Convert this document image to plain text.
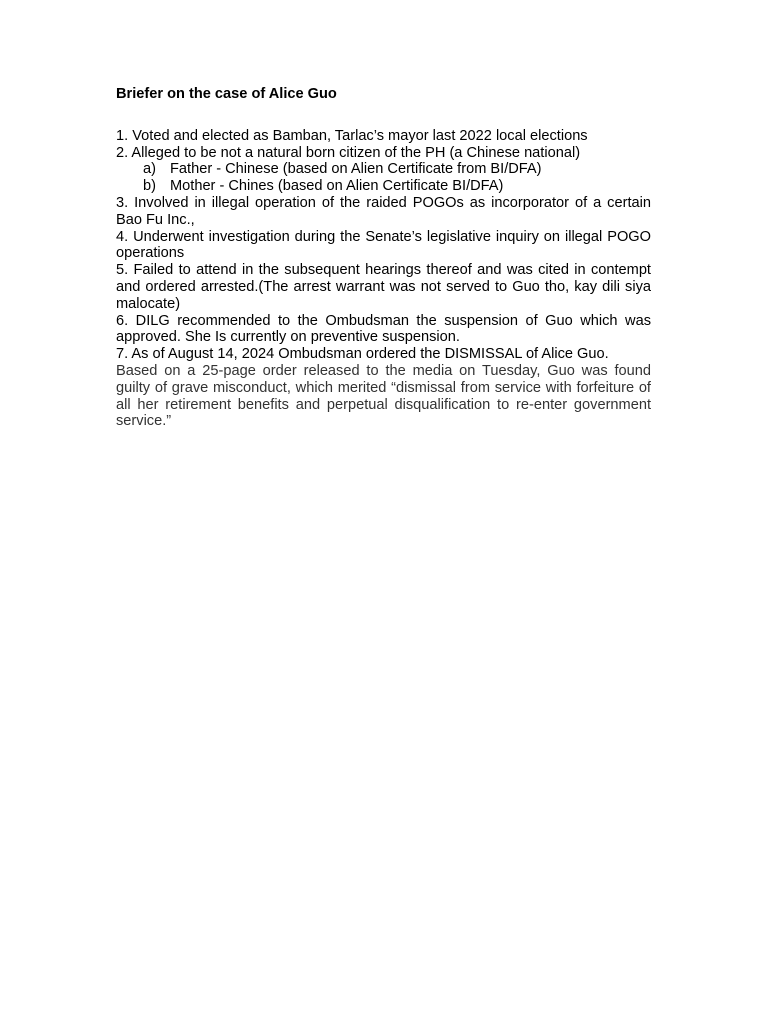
Briefer on the case of Alice Guo

1. Voted and elected as Bamban, Tarlac’s mayor last 2022 local elections

2. Alleged to be not a natural born citizen of the PH (a Chinese national)

a) Father - Chinese (based on Alien Certificate from BI/DFA)
b) Mother - Chines (based on Alien Certificate BI/DFA)

3. Involved in illegal operation of the raided POGOs as incorporator of a certain Bao Fu Inc.,

4. Underwent investigation during the Senate’s legislative inquiry on illegal POGO operations

5. Failed to attend in the subsequent hearings thereof and was cited in contempt and ordered arrested.(The arrest warrant was not served to Guo tho, kay dili siya malocate)

6. DILG recommended to the Ombudsman the suspension of Guo which was approved. She Is currently on preventive suspension.

7. As of August 14, 2024 Ombudsman ordered the DISMISSAL of Alice Guo.

Based on a 25-page order released to the media on Tuesday, Guo was found guilty of grave misconduct, which merited “dismissal from service with forfeiture of all her retirement benefits and perpetual disqualification to re-enter government service.”
